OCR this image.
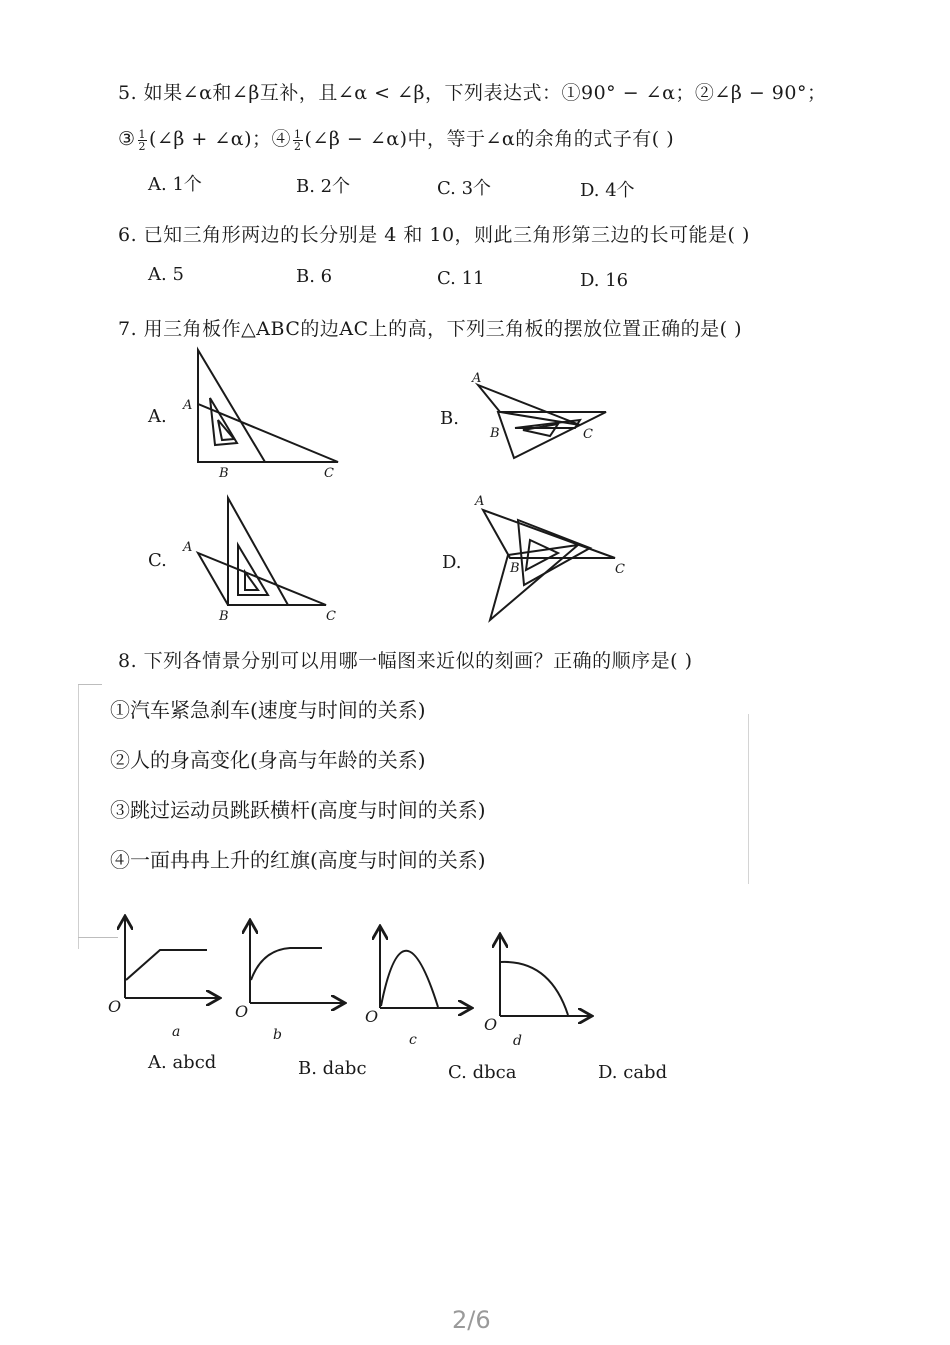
5. 如果∠α和∠β互补，且∠α < ∠β，下列表达式：①90° − ∠α；②∠β − 90°；
③ $\frac{1}{2}$ (∠β + ∠α)；④ $\frac{1}{2}$ (∠β − ∠α)中，等于∠α的余角的式子有( )
A. 1个	B. 2个	C. 3个	D. 4个
6. 已知三角形两边的长分别是 4 和 10，则此三角形第三边的长可能是( )
A. 5	B. 6	C. 11	D. 16
7. 用三角板作△ABC的边AC上的高，下列三角板的摆放位置正确的是( )
A.	B.
C.	D.
A
B	C
A
B	C
A
B	C
A
B	C
8. 下列各情景分别可以用哪一幅图来近似的刻画？正确的顺序是( )
①汽车紧急刹车(速度与时间的关系)
②人的身高变化(身高与年龄的关系)
③跳过运动员跳跃横杆(高度与时间的关系)
④一面冉冉上升的红旗(高度与时间的关系)
O	O	O	O
a	b	c	d
A. abcd	B. dabc	C. dbca	D. cabd
2/6
